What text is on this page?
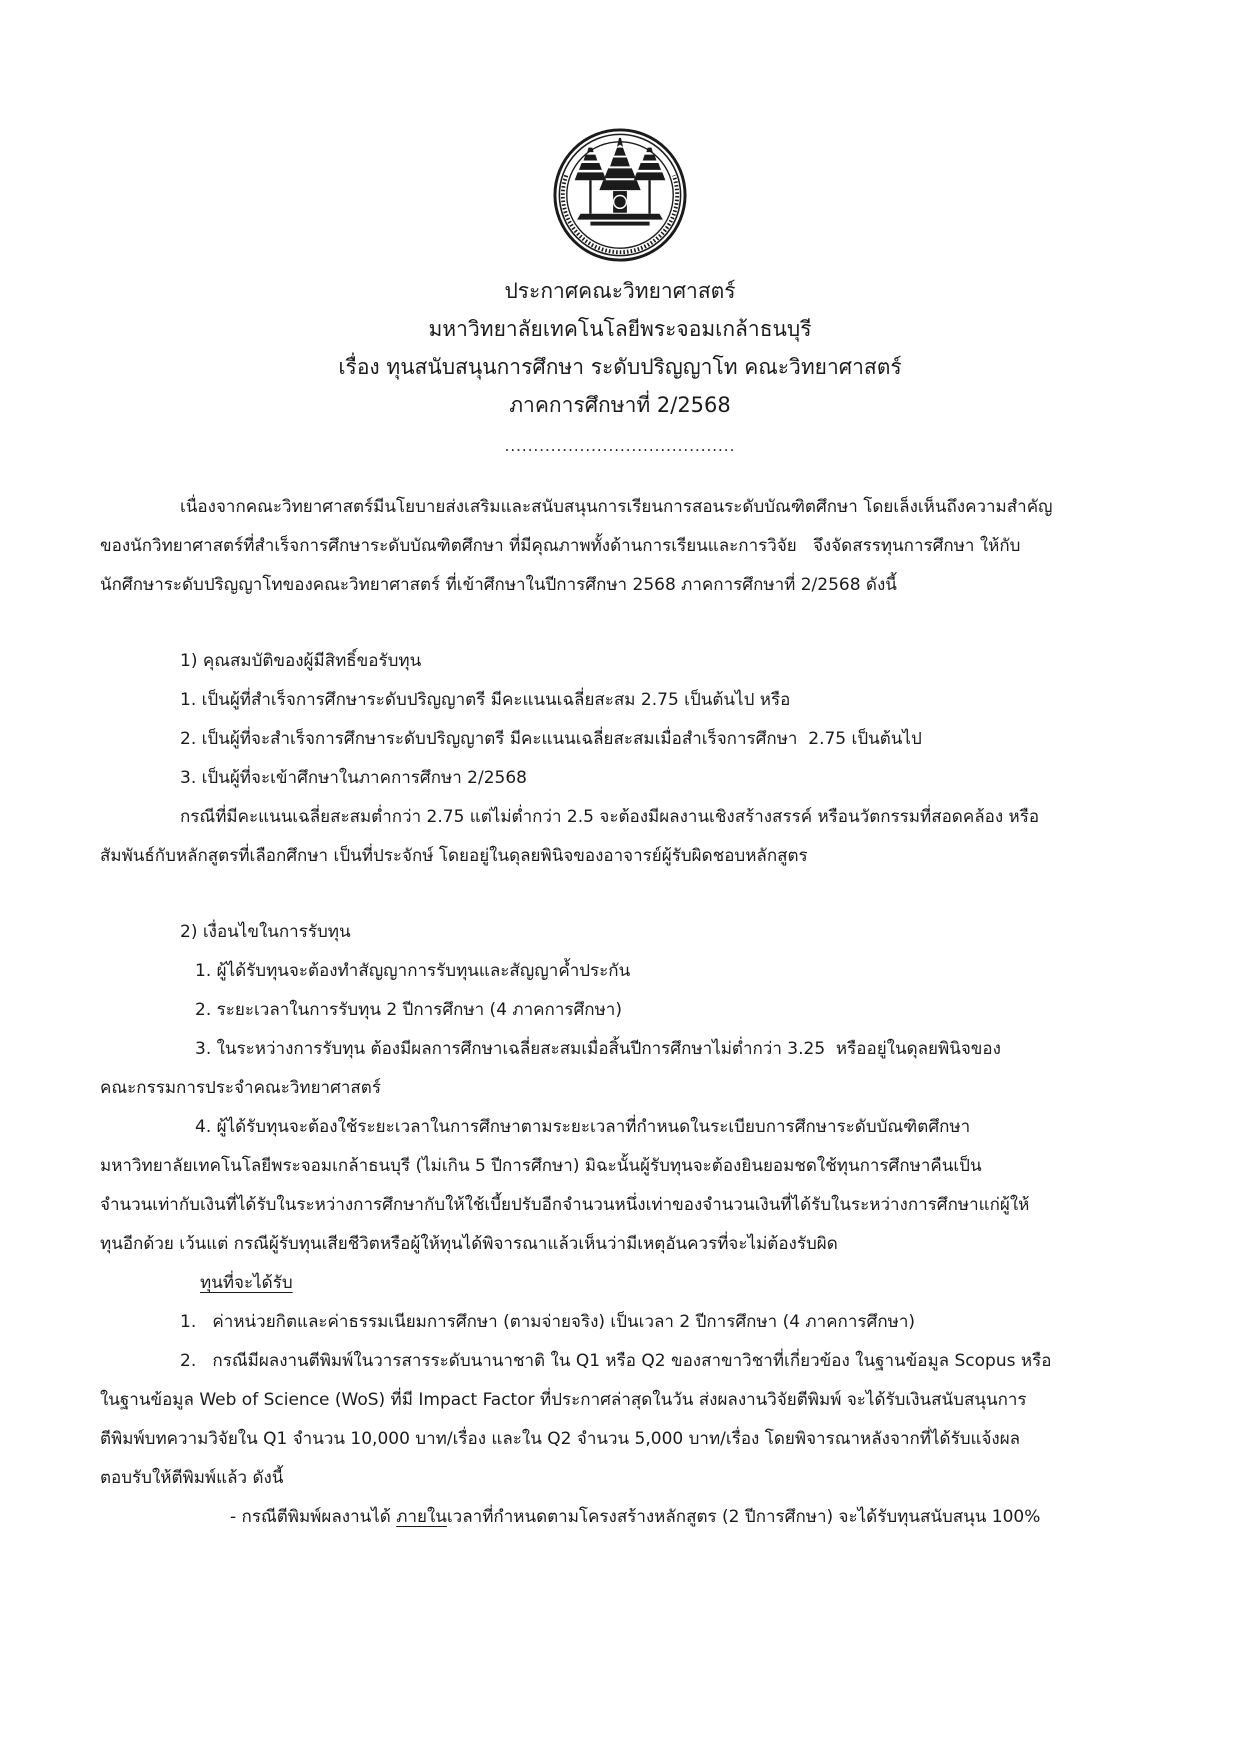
ประกาศคณะวิทยาศาสตร์
มหาวิทยาลัยเทคโนโลยีพระจอมเกล้าธนบุรี
เรื่อง ทุนสนับสนุนการศึกษา ระดับปริญญาโท คณะวิทยาศาสตร์
ภาคการศึกษาที่ 2/2568
........................................
เนื่องจากคณะวิทยาศาสตร์มีนโยบายส่งเสริมและสนับสนุนการเรียนการสอนระดับบัณฑิตศึกษา โดยเล็งเห็นถึงความสำคัญ
ของนักวิทยาศาสตร์ที่สำเร็จการศึกษาระดับบัณฑิตศึกษา ที่มีคุณภาพทั้งด้านการเรียนและการวิจัย   จึงจัดสรรทุนการศึกษา ให้กับ
นักศึกษาระดับปริญญาโทของคณะวิทยาศาสตร์ ที่เข้าศึกษาในปีการศึกษา 2568 ภาคการศึกษาที่ 2/2568 ดังนี้
1) คุณสมบัติของผู้มีสิทธิ์ขอรับทุน
1. เป็นผู้ที่สำเร็จการศึกษาระดับปริญญาตรี มีคะแนนเฉลี่ยสะสม 2.75 เป็นต้นไป หรือ
2. เป็นผู้ที่จะสำเร็จการศึกษาระดับปริญญาตรี มีคะแนนเฉลี่ยสะสมเมื่อสำเร็จการศึกษา  2.75 เป็นต้นไป
3. เป็นผู้ที่จะเข้าศึกษาในภาคการศึกษา 2/2568
กรณีที่มีคะแนนเฉลี่ยสะสมต่ำกว่า 2.75 แต่ไม่ต่ำกว่า 2.5 จะต้องมีผลงานเชิงสร้างสรรค์ หรือนวัตกรรมที่สอดคล้อง หรือ
สัมพันธ์กับหลักสูตรที่เลือกศึกษา เป็นที่ประจักษ์ โดยอยู่ในดุลยพินิจของอาจารย์ผู้รับผิดชอบหลักสูตร
2) เงื่อนไขในการรับทุน
1. ผู้ได้รับทุนจะต้องทำสัญญาการรับทุนและสัญญาค้ำประกัน
2. ระยะเวลาในการรับทุน 2 ปีการศึกษา (4 ภาคการศึกษา)
3. ในระหว่างการรับทุน ต้องมีผลการศึกษาเฉลี่ยสะสมเมื่อสิ้นปีการศึกษาไม่ต่ำกว่า 3.25  หรืออยู่ในดุลยพินิจของ
คณะกรรมการประจำคณะวิทยาศาสตร์
4. ผู้ได้รับทุนจะต้องใช้ระยะเวลาในการศึกษาตามระยะเวลาที่กำหนดในระเบียบการศึกษาระดับบัณฑิตศึกษา
มหาวิทยาลัยเทคโนโลยีพระจอมเกล้าธนบุรี (ไม่เกิน 5 ปีการศึกษา) มิฉะนั้นผู้รับทุนจะต้องยินยอมชดใช้ทุนการศึกษาคืนเป็น
จำนวนเท่ากับเงินที่ได้รับในระหว่างการศึกษากับให้ใช้เบี้ยปรับอีกจำนวนหนึ่งเท่าของจำนวนเงินที่ได้รับในระหว่างการศึกษาแก่ผู้ให้
ทุนอีกด้วย เว้นแต่ กรณีผู้รับทุนเสียชีวิตหรือผู้ให้ทุนได้พิจารณาแล้วเห็นว่ามีเหตุอันควรที่จะไม่ต้องรับผิด
ทุนที่จะได้รับ
1.   ค่าหน่วยกิตและค่าธรรมเนียมการศึกษา (ตามจ่ายจริง) เป็นเวลา 2 ปีการศึกษา (4 ภาคการศึกษา)
2.   กรณีมีผลงานตีพิมพ์ในวารสารระดับนานาชาติ ใน Q1 หรือ Q2 ของสาขาวิชาที่เกี่ยวข้อง ในฐานข้อมูล Scopus หรือ
ในฐานข้อมูล Web of Science (WoS) ที่มี Impact Factor ที่ประกาศล่าสุดในวัน ส่งผลงานวิจัยตีพิมพ์ จะได้รับเงินสนับสนุนการ
ตีพิมพ์บทความวิจัยใน Q1 จำนวน 10,000 บาท/เรื่อง และใน Q2 จำนวน 5,000 บาท/เรื่อง โดยพิจารณาหลังจากที่ได้รับแจ้งผล
ตอบรับให้ตีพิมพ์แล้ว ดังนี้
- กรณีตีพิมพ์ผลงานได้ ภายในเวลาที่กำหนดตามโครงสร้างหลักสูตร (2 ปีการศึกษา) จะได้รับทุนสนับสนุน 100%
